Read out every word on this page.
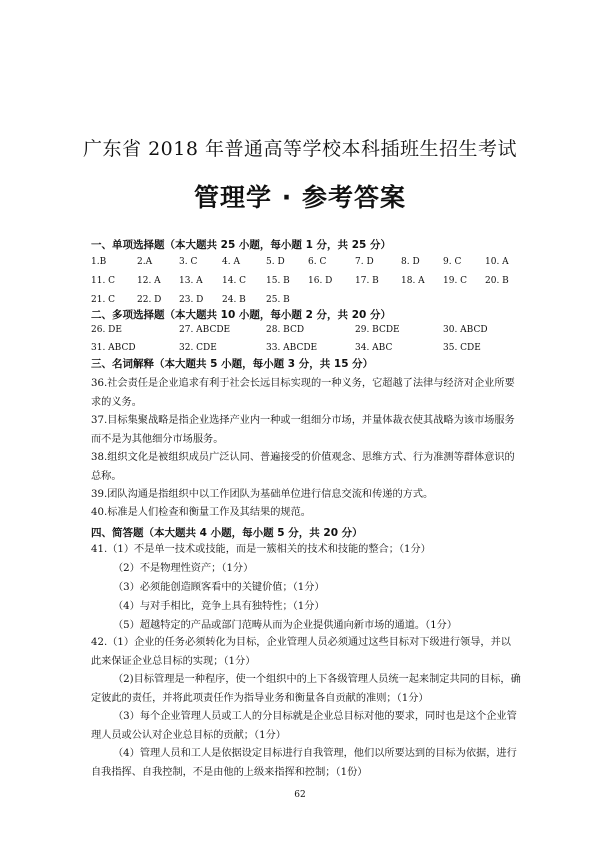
广东省 2018 年普通高等学校本科插班生招生考试
管理学 · 参考答案
一、单项选择题（本大题共 25 小题，每小题 1 分，共 25 分）
1.B	2.A	3. C	4. A	5. D	6. C	7. D	8. D	9. C	10. A
11. C 12. A 13. A 14. C 15. B 16. D	17. B 18. A 19. C 20. B
21. C 22. D 23. D 24. B 25. B
二、多项选择题（本大题共 10 小题，每小题 2 分，共 20 分）
26. DE	27. ABCDE	28. BCD	29. BCDE	30. ABCD
31. ABCD	32. CDE	33. ABCDE	34. ABC	35. CDE
三、名词解释（本大题共 5 小题，每小题 3 分，共 15 分）
36.社会责任是企业追求有利于社会长远目标实现的一种义务，它超越了法律与经济对企业所要求的义务。
37.目标集聚战略是指企业选择产业内一种或一组细分市场，并量体裁衣使其战略为该市场服务而不是为其他细分市场服务。
38.组织文化是被组织成员广泛认同、普遍接受的价值观念、思维方式、行为准测等群体意识的总称。
39.团队沟通是指组织中以工作团队为基础单位进行信息交流和传递的方式。
40.标准是人们检查和衡量工作及其结果的规范。
四、简答题（本大题共 4 小题，每小题 5 分，共 20 分）
41.（1）不是单一技术或技能，而是一簇相关的技术和技能的整合；（1分）
（2）不是物理性资产；（1分）
（3）必须能创造顾客看中的关键价值；（1分）
（4）与对手相比，竞争上具有独特性；（1分）
（5）超越特定的产品或部门范畴从而为企业提供通向新市场的通道。（1分）
42.（1）企业的任务必须转化为目标，企业管理人员必须通过这些目标对下级进行领导，并以此来保证企业总目标的实现；（1分）
（2)目标管理是一种程序，使一个组织中的上下各级管理人员统一起来制定共同的目标，确定彼此的责任，并将此项责任作为指导业务和衡量各自贡献的准则；（1分）
（3）每个企业管理人员或工人的分目标就是企业总目标对他的要求，同时也是这个企业管理人员或公认对企业总目标的贡献；（1分）
（4）管理人员和工人是依据设定目标进行自我管理，他们以所要达到的目标为依据，进行自我指挥、自我控制，不是由他的上级来指挥和控制；（1份）
62
